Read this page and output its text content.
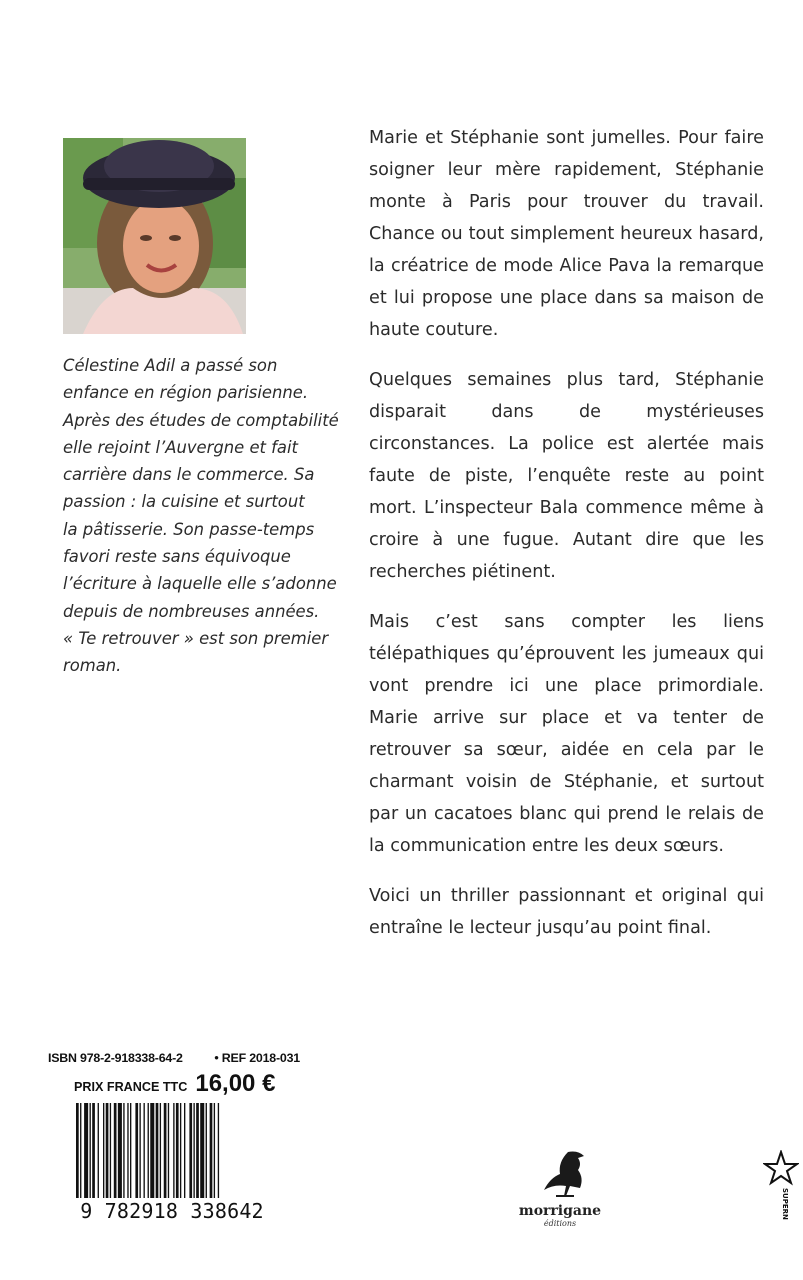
Célestine Adil a passé son

enfance en région parisienne.

Après des études de comptabilité

elle rejoint l’Auvergne et fait

carrière dans le commerce. Sa

passion : la cuisine et surtout

la pâtisserie. Son passe-temps

favori reste sans équivoque

l’écriture à laquelle elle s’adonne

depuis de nombreuses années.

« Te retrouver » est son premier

roman.

Marie et Stéphanie sont jumelles. Pour faire soigner leur mère rapidement, Stéphanie monte à Paris pour trouver du travail. Chance ou tout simplement heureux hasard, la créatrice de mode Alice Pava la remarque et lui propose une place dans sa maison de haute couture.

Quelques semaines plus tard, Stéphanie disparait dans de mystérieuses circonstances. La police est alertée mais faute de piste, l’enquête reste au point mort. L’inspecteur Bala commence même à croire à une fugue. Autant dire que les recherches piétinent.

Mais c’est sans compter les liens télépathiques qu’éprouvent les jumeaux qui vont prendre ici une place primordiale. Marie arrive sur place et va tenter de retrouver sa sœur, aidée en cela par le charmant voisin de Stéphanie, et surtout par un cacatoes blanc qui prend le relais de la communication entre les deux sœurs.

Voici un thriller passionnant et original qui entraîne le lecteur jusqu’au point final.

ISBN 978-2-918338-64-2	• REF 2018-031
PRIX FRANCE TTC 16,00 €
9 782918 338642	morrigane
éditions	SUPERNOVA
